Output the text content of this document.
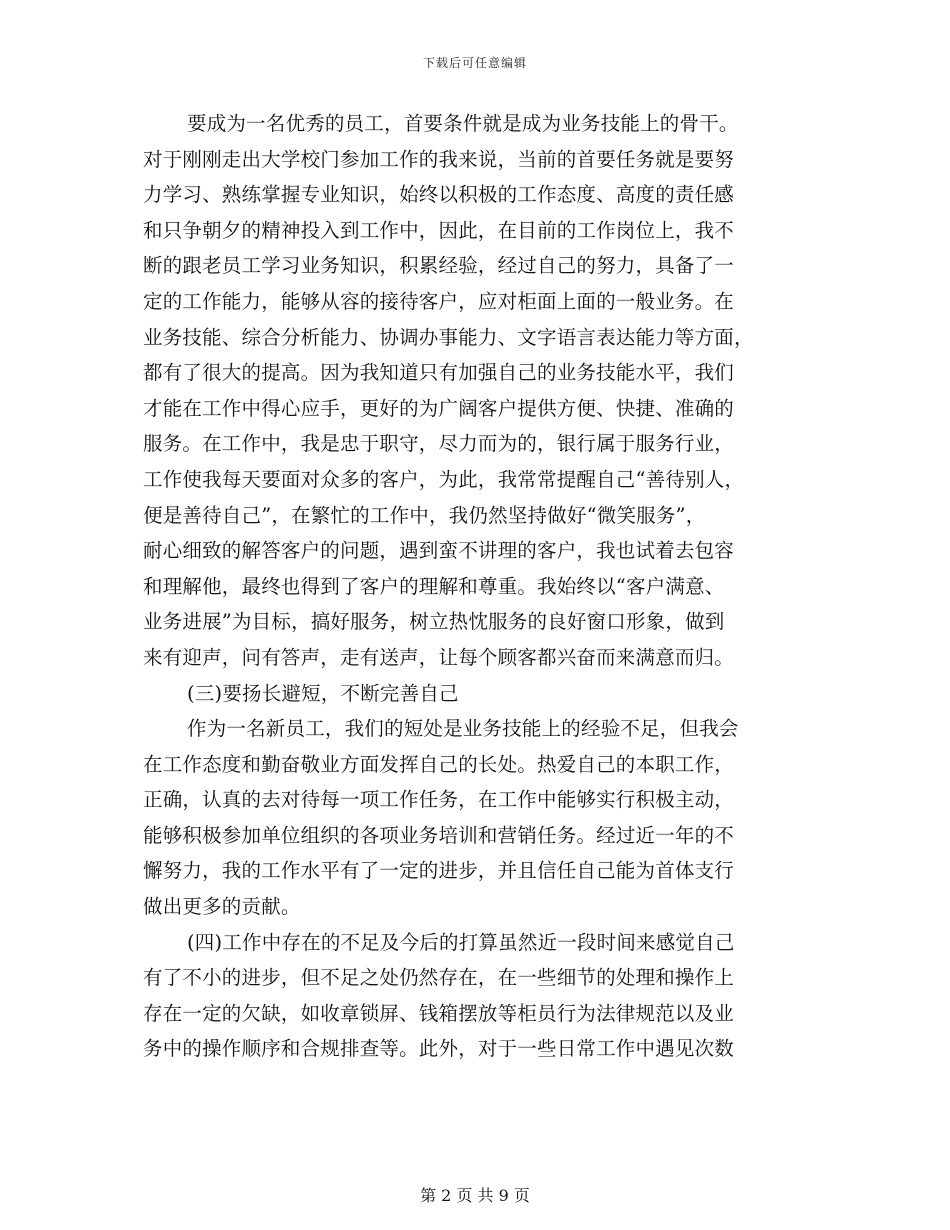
下载后可任意编辑
要成为一名优秀的员工，首要条件就是成为业务技能上的骨干。
对于刚刚走出大学校门参加工作的我来说，当前的首要任务就是要努
力学习、熟练掌握专业知识，始终以积极的工作态度、高度的责任感
和只争朝夕的精神投入到工作中，因此，在目前的工作岗位上，我不
断的跟老员工学习业务知识，积累经验，经过自己的努力，具备了一
定的工作能力，能够从容的接待客户，应对柜面上面的一般业务。在
业务技能、综合分析能力、协调办事能力、文字语言表达能力等方面，
都有了很大的提高。因为我知道只有加强自己的业务技能水平，我们
才能在工作中得心应手，更好的为广阔客户提供方便、快捷、准确的
服务。在工作中，我是忠于职守，尽力而为的，银行属于服务行业，
工作使我每天要面对众多的客户，为此，我常常提醒自己“善待别人，
便是善待自己”，在繁忙的工作中，我仍然坚持做好“微笑服务”，
耐心细致的解答客户的问题，遇到蛮不讲理的客户，我也试着去包容
和理解他，最终也得到了客户的理解和尊重。我始终以“客户满意、
业务进展”为目标，搞好服务，树立热忱服务的良好窗口形象，做到
来有迎声，问有答声，走有送声，让每个顾客都兴奋而来满意而归。
(三)要扬长避短，不断完善自己
作为一名新员工，我们的短处是业务技能上的经验不足，但我会
在工作态度和勤奋敬业方面发挥自己的长处。热爱自己的本职工作，
正确，认真的去对待每一项工作任务，在工作中能够实行积极主动，
能够积极参加单位组织的各项业务培训和营销任务。经过近一年的不
懈努力，我的工作水平有了一定的进步，并且信任自己能为首体支行
做出更多的贡献。
(四)工作中存在的不足及今后的打算虽然近一段时间来感觉自己
有了不小的进步，但不足之处仍然存在，在一些细节的处理和操作上
存在一定的欠缺，如收章锁屏、钱箱摆放等柜员行为法律规范以及业
务中的操作顺序和合规排查等。此外，对于一些日常工作中遇见次数
第 2 页 共 9 页
